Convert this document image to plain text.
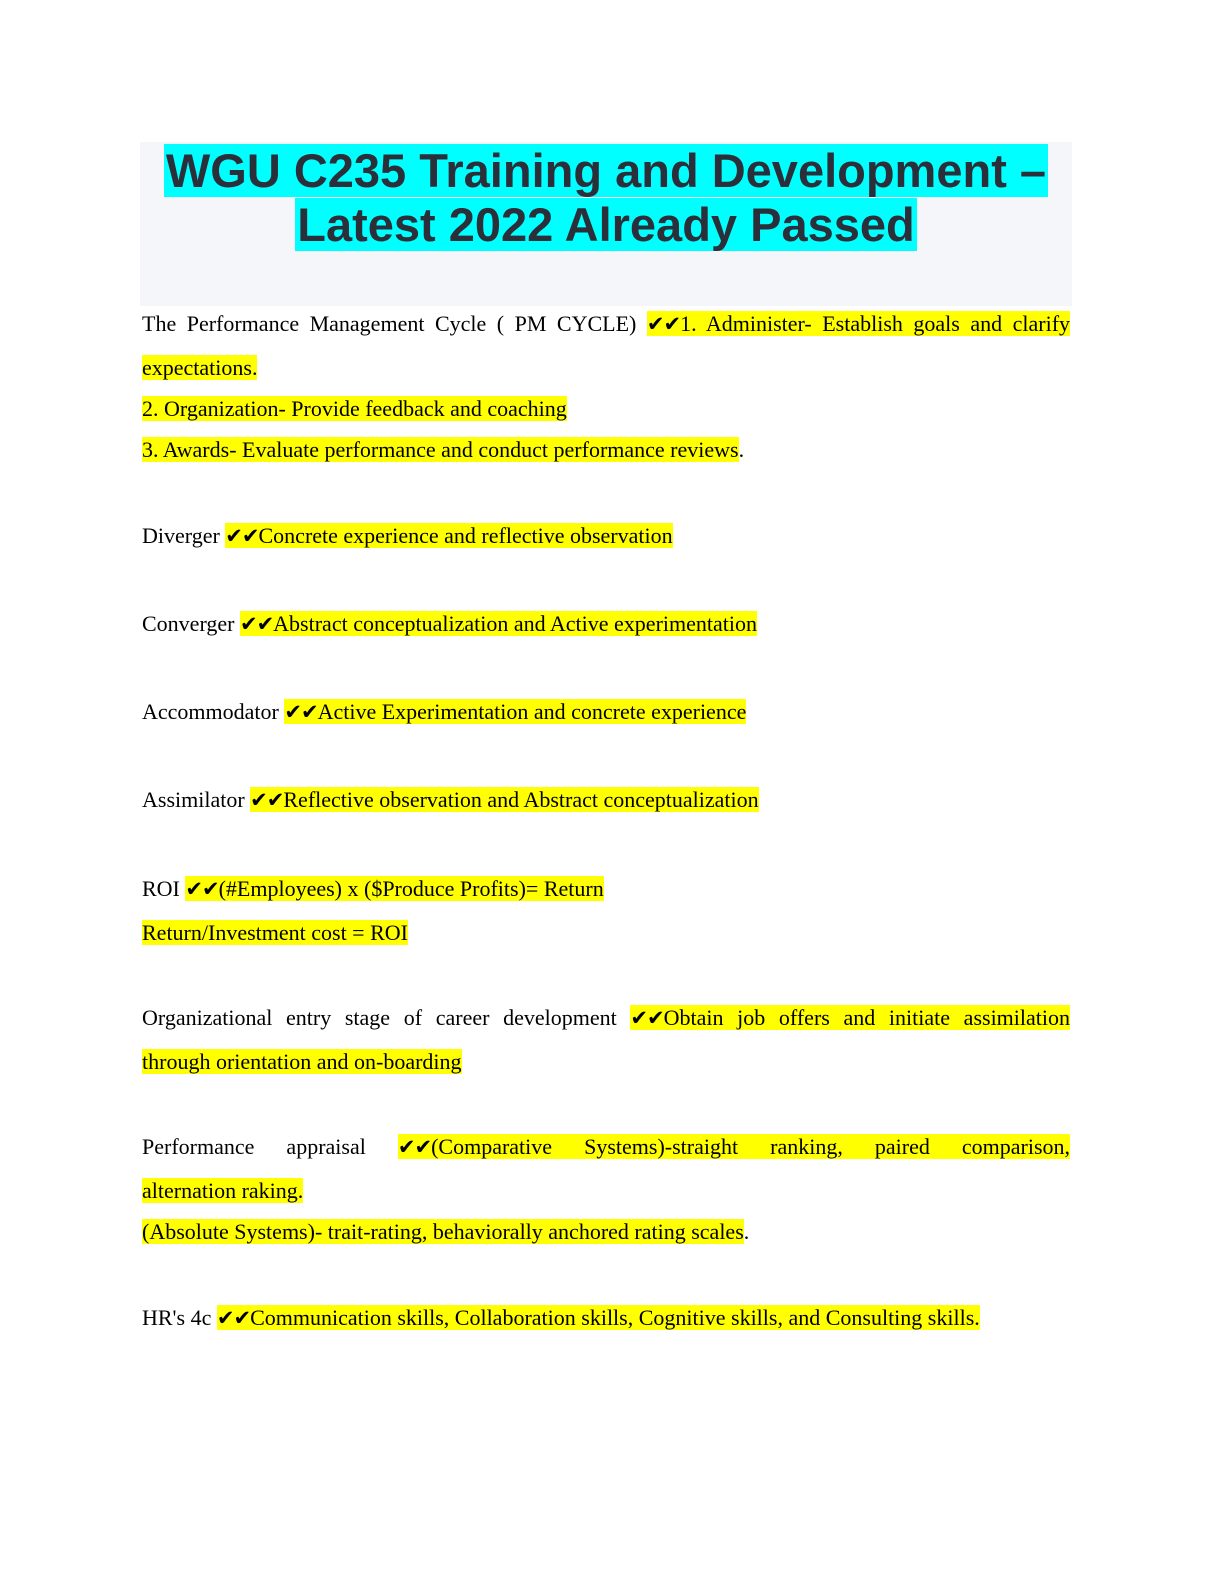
WGU C235 Training and Development –
Latest 2022 Already Passed
The Performance Management Cycle ( PM CYCLE) ✔✔1. Administer- Establish goals and clarify
expectations.
2. Organization- Provide feedback and coaching
3. Awards- Evaluate performance and conduct performance reviews.
Diverger ✔✔Concrete experience and reflective observation
Converger ✔✔Abstract conceptualization and Active experimentation
Accommodator ✔✔Active Experimentation and concrete experience
Assimilator ✔✔Reflective observation and Abstract conceptualization
ROI ✔✔(#Employees) x ($Produce Profits)= Return
Return/Investment cost = ROI
Organizational entry stage of career development ✔✔Obtain job offers and initiate assimilation
through orientation and on-boarding
Performance appraisal ✔✔(Comparative Systems)-straight ranking, paired comparison,
alternation raking.
(Absolute Systems)- trait-rating, behaviorally anchored rating scales.
HR's 4c ✔✔Communication skills, Collaboration skills, Cognitive skills, and Consulting skills.
